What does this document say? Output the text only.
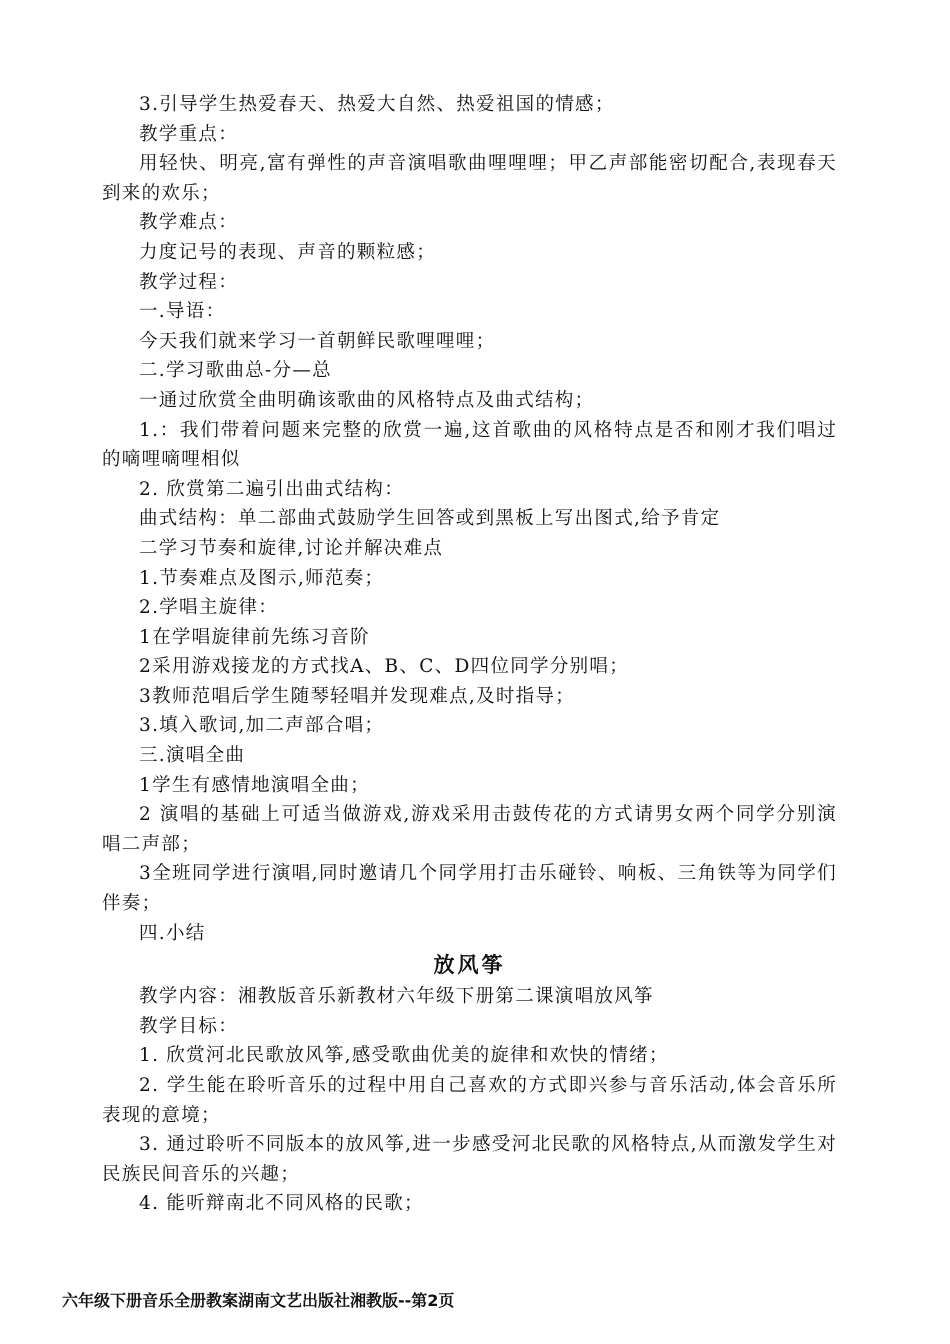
3.引导学生热爱春天、热爱大自然、热爱祖国的情感；

教学重点：

用轻快、明亮,富有弹性的声音演唱歌曲哩哩哩；甲乙声部能密切配合,表现春天到来的欢乐；

教学难点：

力度记号的表现、声音的颗粒感；

教学过程：

一.导语：

今天我们就来学习一首朝鲜民歌哩哩哩；

二.学习歌曲总-分—总

一通过欣赏全曲明确该歌曲的风格特点及曲式结构；

1.：我们带着问题来完整的欣赏一遍,这首歌曲的风格特点是否和刚才我们唱过的嘀哩嘀哩相似

2. 欣赏第二遍引出曲式结构：

曲式结构：单二部曲式鼓励学生回答或到黑板上写出图式,给予肯定

二学习节奏和旋律,讨论并解决难点

1.节奏难点及图示,师范奏；

2.学唱主旋律：

1在学唱旋律前先练习音阶

2采用游戏接龙的方式找A、B、C、D四位同学分别唱；

3教师范唱后学生随琴轻唱并发现难点,及时指导；

3.填入歌词,加二声部合唱；

三.演唱全曲

1学生有感情地演唱全曲；

2 演唱的基础上可适当做游戏,游戏采用击鼓传花的方式请男女两个同学分别演唱二声部；

3全班同学进行演唱,同时邀请几个同学用打击乐碰铃、响板、三角铁等为同学们伴奏；

四.小结

放风筝

教学内容：湘教版音乐新教材六年级下册第二课演唱放风筝

教学目标：

1. 欣赏河北民歌放风筝,感受歌曲优美的旋律和欢快的情绪；

2. 学生能在聆听音乐的过程中用自己喜欢的方式即兴参与音乐活动,体会音乐所表现的意境；

3. 通过聆听不同版本的放风筝,进一步感受河北民歌的风格特点,从而激发学生对民族民间音乐的兴趣；

4. 能听辩南北不同风格的民歌；

六年级下册音乐全册教案湖南文艺出版社湘教版--第2页
